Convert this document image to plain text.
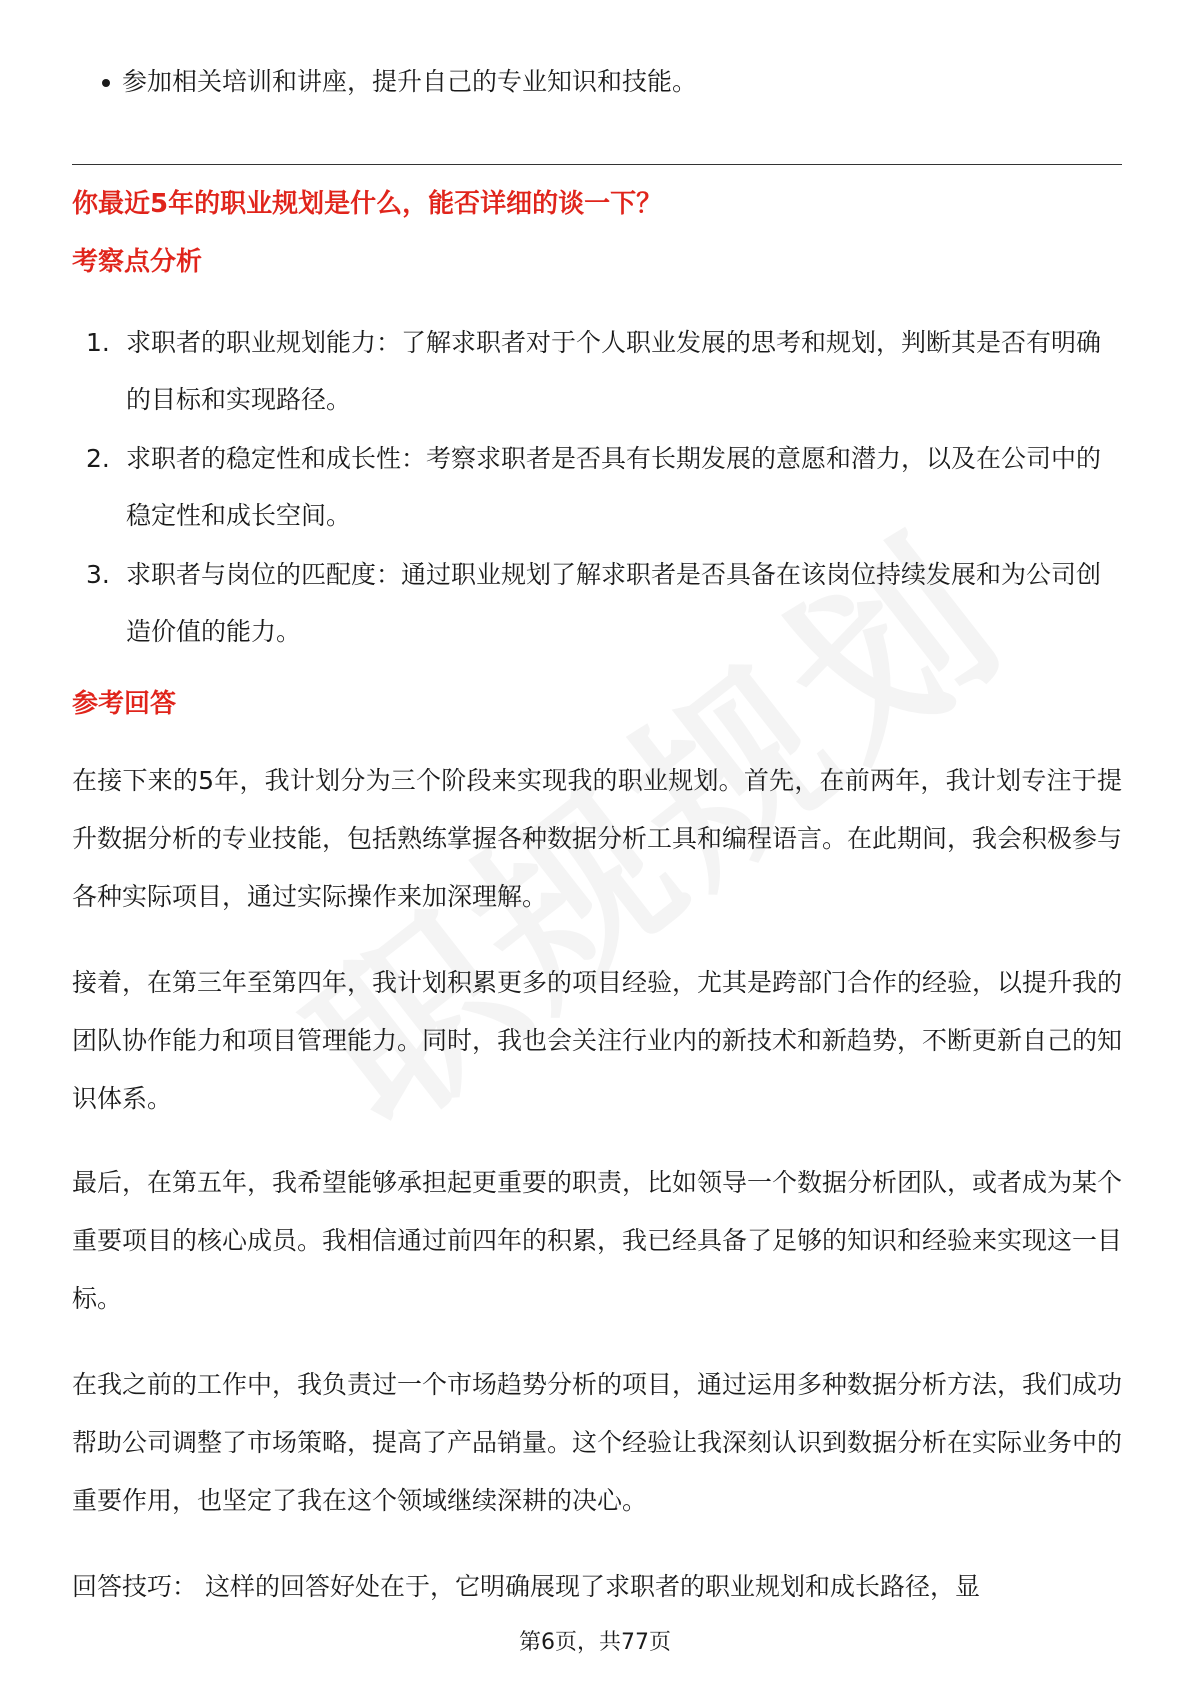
参加相关培训和讲座，提升自己的专业知识和技能。
你最近5年的职业规划是什么，能否详细的谈一下？
考察点分析
1. 求职者的职业规划能力：了解求职者对于个人职业发展的思考和规划，判断其是否有明确的目标和实现路径。
2. 求职者的稳定性和成长性：考察求职者是否具有长期发展的意愿和潜力，以及在公司中的稳定性和成长空间。
3. 求职者与岗位的匹配度：通过职业规划了解求职者是否具备在该岗位持续发展和为公司创造价值的能力。
参考回答

在接下来的5年，我计划分为三个阶段来实现我的职业规划。首先，在前两年，我计划专注于提升数据分析的专业技能，包括熟练掌握各种数据分析工具和编程语言。在此期间，我会积极参与各种实际项目，通过实际操作来加深理解。

接着，在第三年至第四年，我计划积累更多的项目经验，尤其是跨部门合作的经验，以提升我的团队协作能力和项目管理能力。同时，我也会关注行业内的新技术和新趋势，不断更新自己的知识体系。

最后，在第五年，我希望能够承担起更重要的职责，比如领导一个数据分析团队，或者成为某个重要项目的核心成员。我相信通过前四年的积累，我已经具备了足够的知识和经验来实现这一目标。

在我之前的工作中，我负责过一个市场趋势分析的项目，通过运用多种数据分析方法，我们成功帮助公司调整了市场策略，提高了产品销量。这个经验让我深刻认识到数据分析在实际业务中的重要作用，也坚定了我在这个领域继续深耕的决心。

回答技巧： 这样的回答好处在于，它明确展现了求职者的职业规划和成长路径，显

第6页，共77页
